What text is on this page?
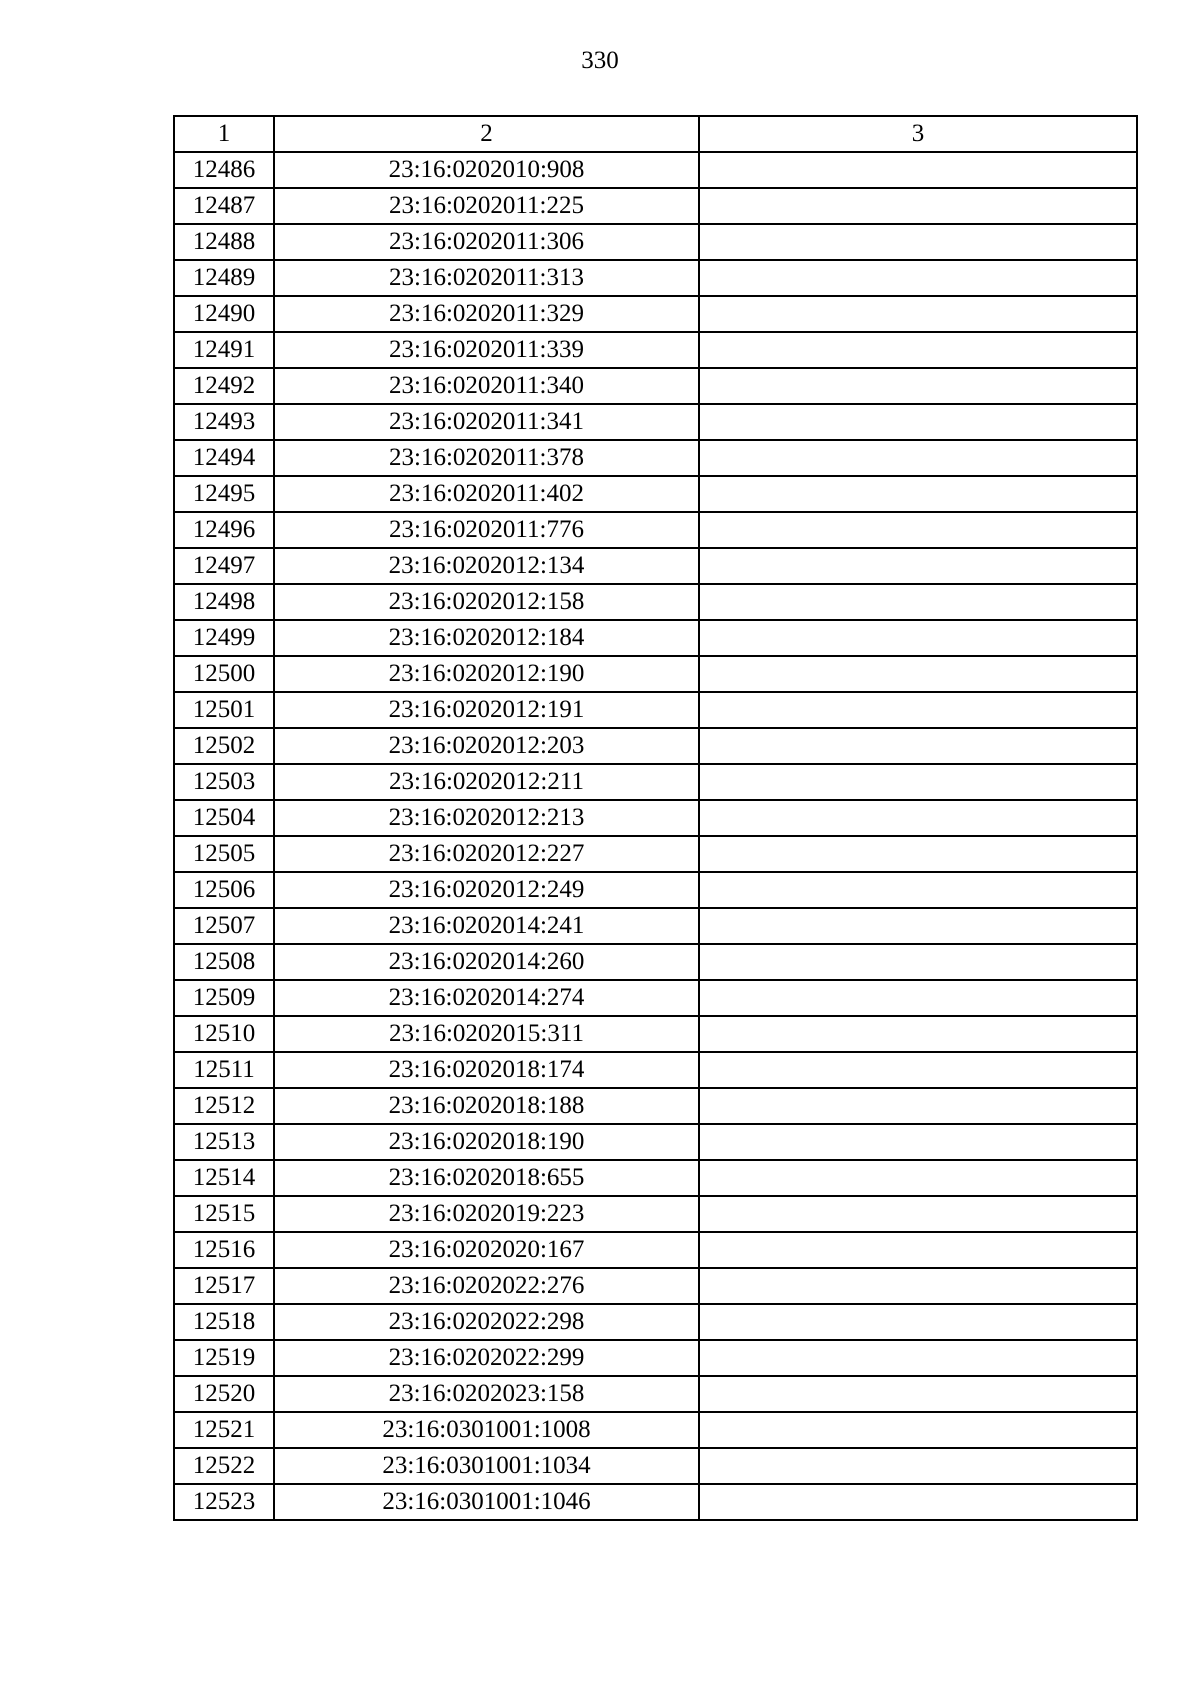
330
1	2	3
12486	23:16:0202010:908	
12487	23:16:0202011:225	
12488	23:16:0202011:306	
12489	23:16:0202011:313	
12490	23:16:0202011:329	
12491	23:16:0202011:339	
12492	23:16:0202011:340	
12493	23:16:0202011:341	
12494	23:16:0202011:378	
12495	23:16:0202011:402	
12496	23:16:0202011:776	
12497	23:16:0202012:134	
12498	23:16:0202012:158	
12499	23:16:0202012:184	
12500	23:16:0202012:190	
12501	23:16:0202012:191	
12502	23:16:0202012:203	
12503	23:16:0202012:211	
12504	23:16:0202012:213	
12505	23:16:0202012:227	
12506	23:16:0202012:249	
12507	23:16:0202014:241	
12508	23:16:0202014:260	
12509	23:16:0202014:274	
12510	23:16:0202015:311	
12511	23:16:0202018:174	
12512	23:16:0202018:188	
12513	23:16:0202018:190	
12514	23:16:0202018:655	
12515	23:16:0202019:223	
12516	23:16:0202020:167	
12517	23:16:0202022:276	
12518	23:16:0202022:298	
12519	23:16:0202022:299	
12520	23:16:0202023:158	
12521	23:16:0301001:1008	
12522	23:16:0301001:1034	
12523	23:16:0301001:1046	
